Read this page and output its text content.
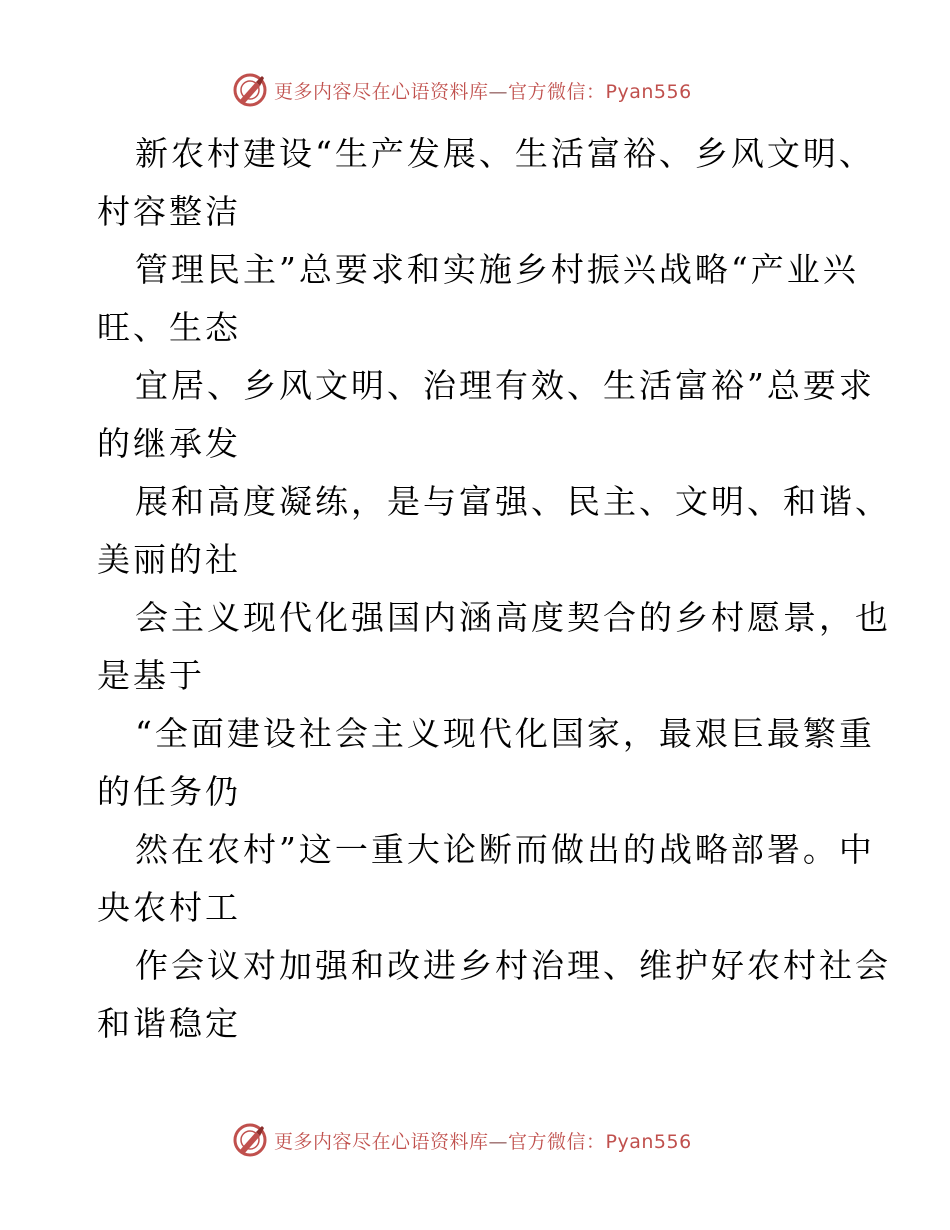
更多内容尽在心语资料库—官方微信：Pyan556
新农村建设“生产发展、生活富裕、乡风文明、
村容整洁
管理民主”总要求和实施乡村振兴战略“产业兴
旺、生态
宜居、乡风文明、治理有效、生活富裕”总要求
的继承发
展和高度凝练，是与富强、民主、文明、和谐、
美丽的社
会主义现代化强国内涵高度契合的乡村愿景，也
是基于
“全面建设社会主义现代化国家，最艰巨最繁重
的任务仍
然在农村”这一重大论断而做出的战略部署。中
央农村工
作会议对加强和改进乡村治理、维护好农村社会
和谐稳定
更多内容尽在心语资料库—官方微信：Pyan556
